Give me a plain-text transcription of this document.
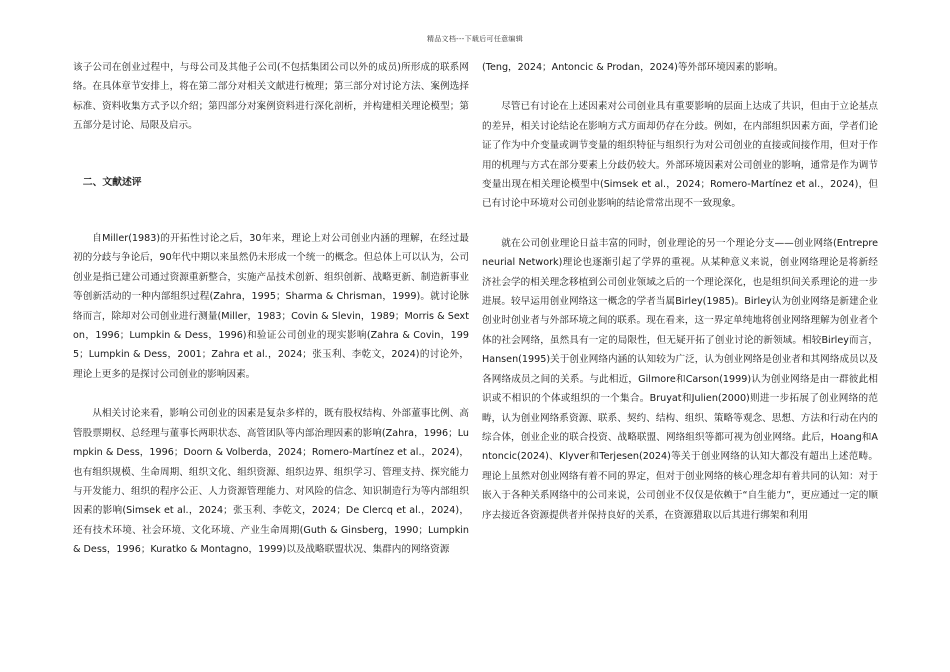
精品文档---下载后可任意编辑

该子公司在创业过程中，与母公司及其他子公司(不包括集团公司以外的成员)所形成的联系网络。在具体章节安排上，将在第二部分对相关文献进行梳理；第三部分对讨论方法、案例选择标准、资料收集方式予以介绍；第四部分对案例资料进行深化剖析，并构建相关理论模型；第五部分是讨论、局限及启示。

二、文献述评

自Miller(1983)的开拓性讨论之后，30年来，理论上对公司创业内涵的理解，在经过最初的分歧与争论后，90年代中期以来虽然仍未形成一个统一的概念。但总体上可以认为，公司创业是指已建公司通过资源重新整合，实施产品技术创新、组织创新、战略更新、制造新事业等创新活动的一种内部组织过程(Zahra，1995；Sharma & Chrisman，1999)。就讨论脉络而言，除却对公司创业进行测量(Miller，1983；Covin & Slevin，1989；Morris & Sexton，1996；Lumpkin & Dess，1996)和验证公司创业的现实影响(Zahra & Covin，1995；Lumpkin & Dess，2001；Zahra et al.，2024；张玉利、李乾文，2024)的讨论外，理论上更多的是探讨公司创业的影响因素。

从相关讨论来看，影响公司创业的因素是复杂多样的，既有股权结构、外部董事比例、高管股票期权、总经理与董事长两职状态、高管团队等内部治理因素的影响(Zahra，1996；Lumpkin & Dess，1996；Doorn & Volberda，2024；Romero-Martínez et al.，2024)，也有组织规模、生命周期、组织文化、组织资源、组织边界、组织学习、管理支持、探究能力与开发能力、组织的程序公正、人力资源管理能力、对风险的信念、知识制造行为等内部组织因素的影响(Simsek et al.，2024；张玉利、李乾文，2024；De Clercq et al.，2024)，还有技术环境、社会环境、文化环境、产业生命周期(Guth & Ginsberg，1990；Lumpkin & Dess，1996；Kuratko & Montagno，1999)以及战略联盟状况、集群内的网络资源

(Teng，2024；Antoncic & Prodan，2024)等外部环境因素的影响。

尽管已有讨论在上述因素对公司创业具有重要影响的层面上达成了共识，但由于立论基点的差异，相关讨论结论在影响方式方面却仍存在分歧。例如，在内部组织因素方面，学者们论证了作为中介变量或调节变量的组织特征与组织行为对公司创业的直接或间接作用，但对于作用的机理与方式在部分要素上分歧仍较大。外部环境因素对公司创业的影响，通常是作为调节变量出现在相关理论模型中(Simsek et al.，2024；Romero-Martínez et al.，2024)，但已有讨论中环境对公司创业影响的结论常常出现不一致现象。

就在公司创业理论日益丰富的同时，创业理论的另一个理论分支——创业网络(Entrepreneurial Network)理论也逐渐引起了学界的重视。从某种意义来说，创业网络理论是将新经济社会学的相关理念移植到公司创业领域之后的一个理论深化，也是组织间关系理论的进一步进展。较早运用创业网络这一概念的学者当属Birley(1985)。Birley认为创业网络是新建企业创业时创业者与外部环境之间的联系。现在看来，这一界定单纯地将创业网络理解为创业者个体的社会网络，虽然具有一定的局限性，但无疑开拓了创业讨论的新领域。相较Birley而言，Hansen(1995)关于创业网络内涵的认知较为广泛，认为创业网络是创业者和其网络成员以及各网络成员之间的关系。与此相近，Gilmore和Carson(1999)认为创业网络是由一群彼此相识或不相识的个体或组织的一个集合。Bruyat和Julien(2000)则进一步拓展了创业网络的范畴，认为创业网络系资源、联系、契约、结构、组织、策略等观念、思想、方法和行动在内的综合体，创业企业的联合投资、战略联盟、网络组织等都可视为创业网络。此后，Hoang和Antoncic(2024)、Klyver和Terjesen(2024)等关于创业网络的认知大都没有超出上述范畴。理论上虽然对创业网络有着不同的界定，但对于创业网络的核心理念却有着共同的认知：对于嵌入于各种关系网络中的公司来说，公司创业不仅仅是依赖于“自生能力”，更应通过一定的顺序去接近各资源提供者并保持良好的关系，在资源猎取以后其进行绑架和利用
